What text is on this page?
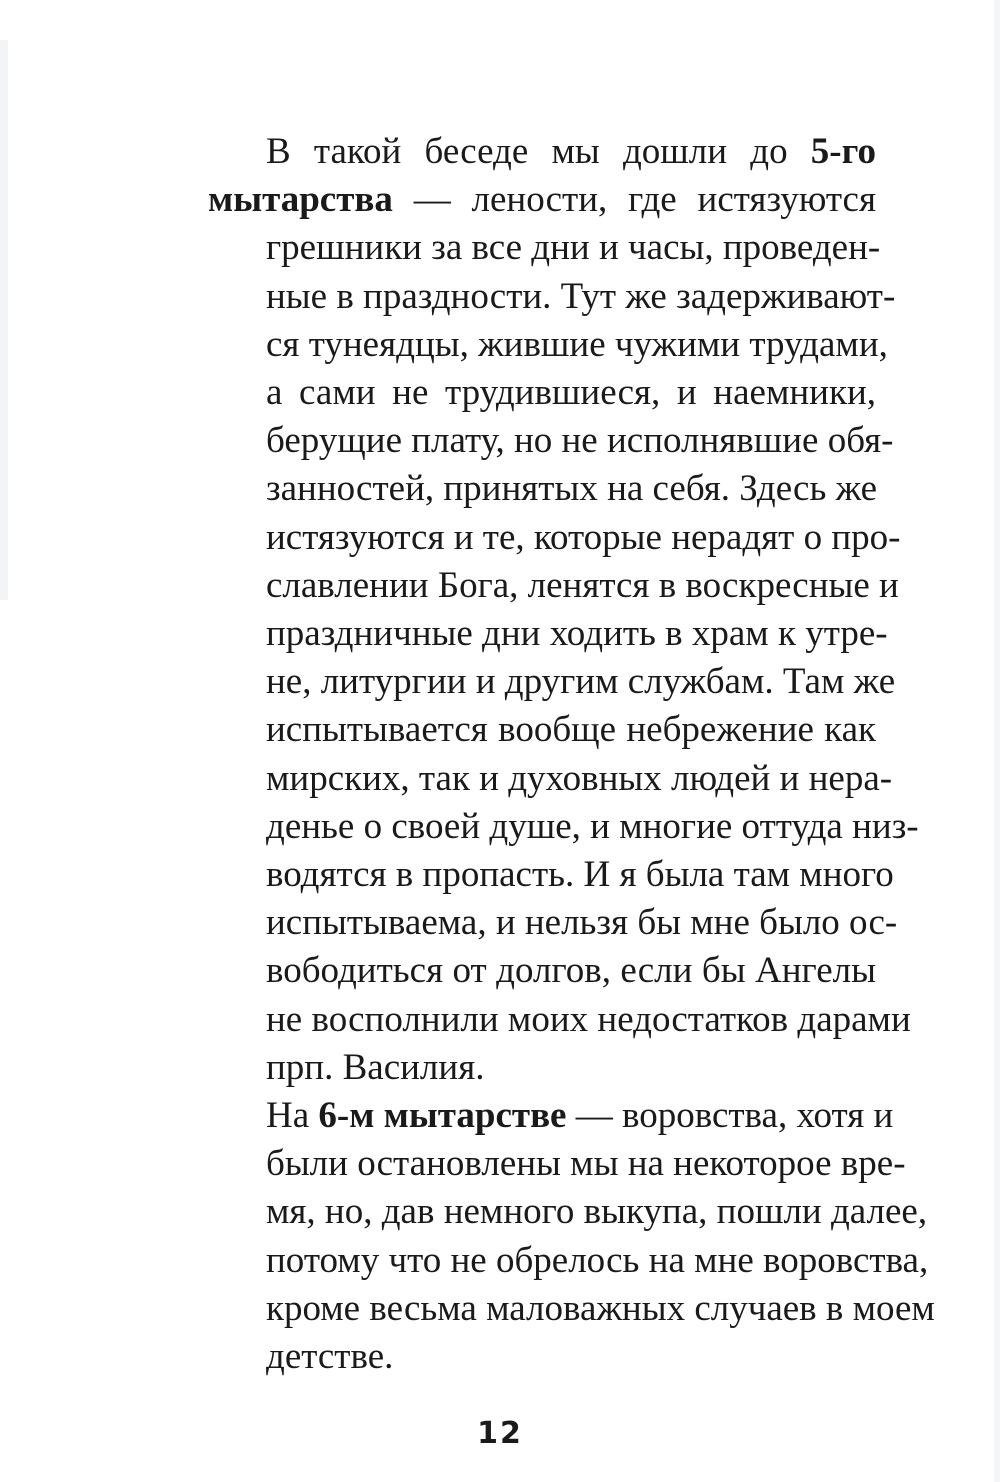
В такой беседе мы дошли до 5-го
мытарства — лености, где истязуются
грешники за все дни и часы, проведен-
ные в праздности. Тут же задерживают-
ся тунеядцы, жившие чужими трудами,
а сами не трудившиеся, и наемники,
берущие плату, но не исполнявшие обя-
занностей, принятых на себя. Здесь же
истязуются и те, которые нерадят о про-
славлении Бога, ленятся в воскресные и
праздничные дни ходить в храм к утре-
не, литургии и другим службам. Там же
испытывается вообще небрежение как
мирских, так и духовных людей и нера-
денье о своей душе, и многие оттуда низ-
водятся в пропасть. И я была там много
испытываема, и нельзя бы мне было ос-
вободиться от долгов, если бы Ангелы
не восполнили моих недостатков дарами
прп. Василия.

На 6-м мытарстве — воровства, хотя и
были остановлены мы на некоторое вре-
мя, но, дав немного выкупа, пошли далее,
потому что не обрелось на мне воровства,
кроме весьма маловажных случаев в моем
детстве.

12
